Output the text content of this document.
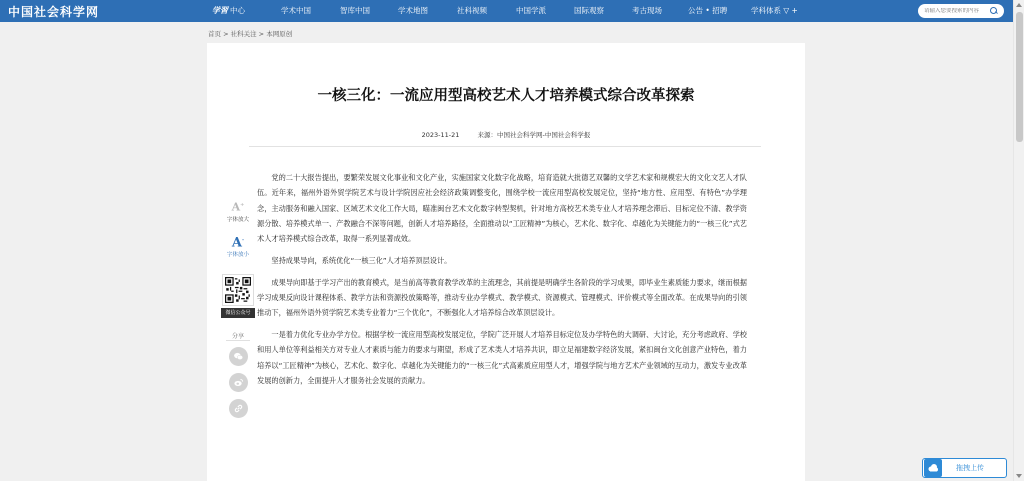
中国社会科学网	学習 中心	学术中国	智库中国	学术地图	社科视频	中国学派	国际观察	考古现场	公告 • 招聘	学科体系 ▽ +
请输入您要搜索的内容
首页 > 社科关注 > 本网原创
一核三化：一流应用型高校艺术人才培养模式综合改革探索
2023-11-21	来源：中国社会科学网-中国社会科学报

党的二十大报告提出，要繁荣发展文化事业和文化产业，实施国家文化数字化战略，培育造就大批德艺双馨的文学艺术家和规模宏大的文化文艺人才队伍。近年来，福州外语外贸学院艺术与设计学院因应社会经济政策调整变化，围绕学校一流应用型高校发展定位，坚持“地方性、应用型、有特色”办学理念，主动服务和融入国家、区域艺术文化工作大局，瞄准闽台艺术文化数字转型契机，针对地方高校艺术类专业人才培养理念滞后、目标定位不清、教学资源分散、培养模式单一、产教融合不深等问题，创新人才培养路径，全面推动以“工匠精神”为核心，艺术化、数字化、卓越化为关键能力的“一核三化”式艺术人才培养模式综合改革，取得一系列显著成效。

坚持成果导向，系统优化“一核三化”人才培养顶层设计。

成果导向即基于学习产出的教育模式，是当前高等教育教学改革的主流理念，其前提是明确学生各阶段的学习成果，即毕业生素质能力要求，继而根据学习成果反向设计课程体系、教学方法和资源投放策略等，推动专业办学模式、教学模式、资源模式、管理模式、评价模式等全面改革。在成果导向的引领推动下，福州外语外贸学院艺术类专业着力“三个优化”，不断强化人才培养综合改革顶层设计。

一是着力优化专业办学方位。根据学校一流应用型高校发展定位，学院广泛开展人才培养目标定位及办学特色的大调研、大讨论，充分考虑政府、学校和用人单位等利益相关方对专业人才素质与能力的要求与期望，形成了艺术类人才培养共识，即立足福建数字经济发展，紧扣闽台文化创意产业特色，着力培养以“工匠精神”为核心，艺术化、数字化、卓越化为关键能力的“一核三化”式高素质应用型人才，增强学院与地方艺术产业领域的互动力，激发专业改革发展的创新力，全面提升人才服务社会发展的贡献力。

A+
字体放大
A-
字体放小
微信公众号
分享
拖拽上传
